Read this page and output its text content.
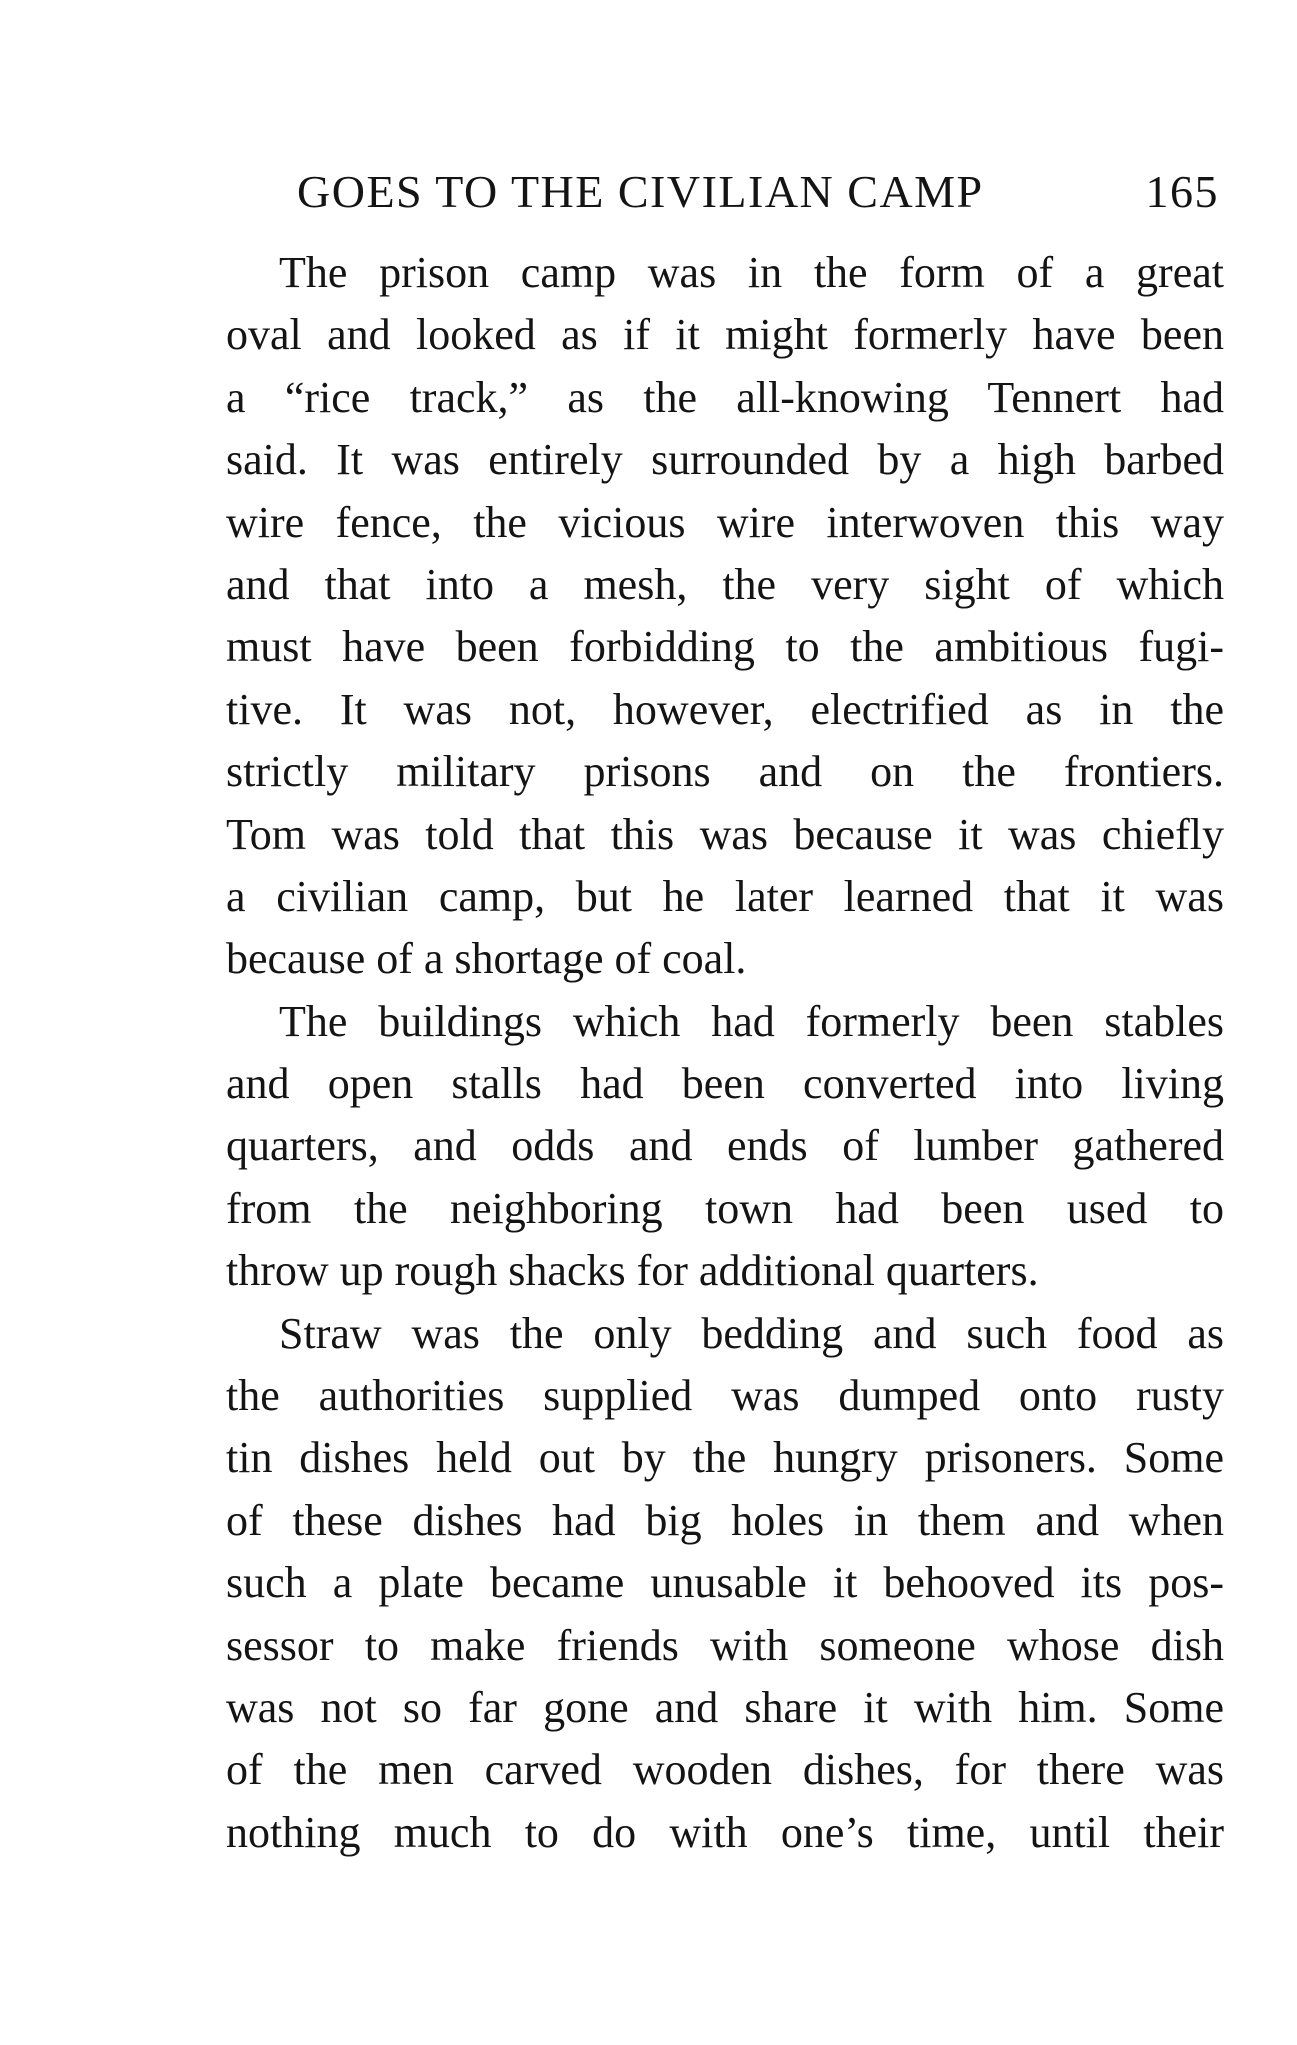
GOES TO THE CIVILIAN CAMP	165
The prison camp was in the form of a great
oval and looked as if it might formerly have been
a “rice track,” as the all-knowing Tennert had
said. It was entirely surrounded by a high barbed
wire fence, the vicious wire interwoven this way
and that into a mesh, the very sight of which
must have been forbidding to the ambitious fugi-
tive. It was not, however, electrified as in the
strictly military prisons and on the frontiers.
Tom was told that this was because it was chiefly
a civilian camp, but he later learned that it was
because of a shortage of coal.
The buildings which had formerly been stables
and open stalls had been converted into living
quarters, and odds and ends of lumber gathered
from the neighboring town had been used to
throw up rough shacks for additional quarters.
Straw was the only bedding and such food as
the authorities supplied was dumped onto rusty
tin dishes held out by the hungry prisoners. Some
of these dishes had big holes in them and when
such a plate became unusable it behooved its pos-
sessor to make friends with someone whose dish
was not so far gone and share it with him. Some
of the men carved wooden dishes, for there was
nothing much to do with one’s time, until their
